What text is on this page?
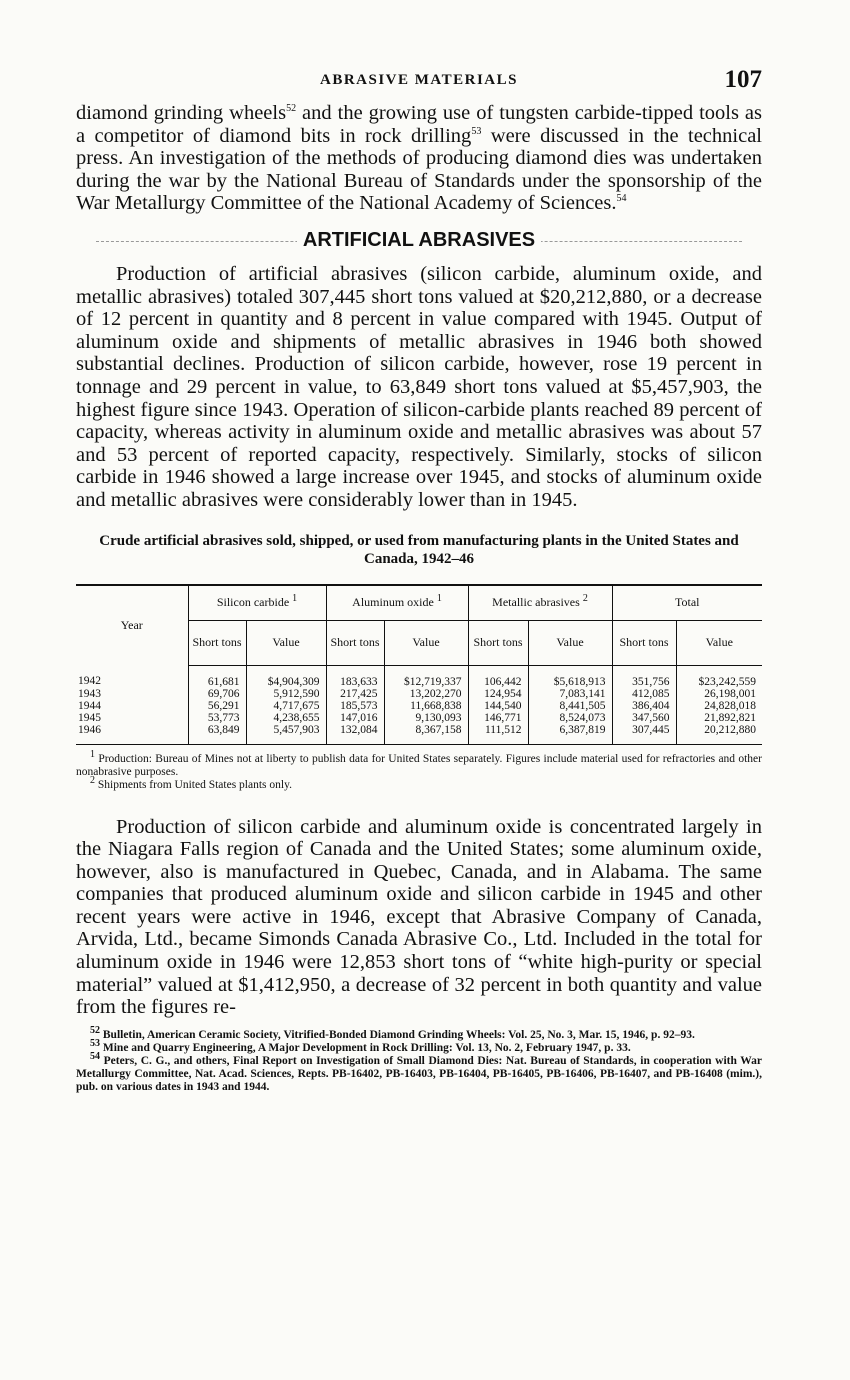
ABRASIVE MATERIALS	107

diamond grinding wheels$^{52}$ and the growing use of tungsten carbide-tipped tools as a competitor of diamond bits in rock drilling$^{53}$ were discussed in the technical press. An investigation of the methods of producing diamond dies was undertaken during the war by the National Bureau of Standards under the sponsorship of the War Metallurgy Committee of the National Academy of Sciences.$^{54}$

ARTIFICIAL ABRASIVES

Production of artificial abrasives (silicon carbide, aluminum oxide, and metallic abrasives) totaled 307,445 short tons valued at $20,212,880, or a decrease of 12 percent in quantity and 8 percent in value compared with 1945. Output of aluminum oxide and shipments of metallic abrasives in 1946 both showed substantial declines. Production of silicon carbide, however, rose 19 percent in tonnage and 29 percent in value, to 63,849 short tons valued at $5,457,903, the highest figure since 1943. Operation of silicon-carbide plants reached 89 percent of capacity, whereas activity in aluminum oxide and metallic abrasives was about 57 and 53 percent of reported capacity, respectively. Similarly, stocks of silicon carbide in 1946 showed a large increase over 1945, and stocks of aluminum oxide and metallic abrasives were considerably lower than in 1945.

Crude artificial abrasives sold, shipped, or used from manufacturing plants in the United States and Canada, 1942–46
Year	Silicon carbide $^1$		Aluminum oxide $^1$		Metallic abrasives $^2$		Total	
	Short tons	Value	Short tons	Value	Short tons	Value	Short tons	Value
1942	61,681	$4,904,309	183,633	$12,719,337	106,442	$5,618,913	351,756	$23,242,559
1943	69,706	5,912,590	217,425	13,202,270	124,954	7,083,141	412,085	26,198,001
1944	56,291	4,717,675	185,573	11,668,838	144,540	8,441,505	386,404	24,828,018
1945	53,773	4,238,655	147,016	9,130,093	146,771	8,524,073	347,560	21,892,821
1946	63,849	5,457,903	132,084	8,367,158	111,512	6,387,819	307,445	20,212,880

$^1$ Production: Bureau of Mines not at liberty to publish data for United States separately. Figures include material used for refractories and other nonabrasive purposes.

$^2$ Shipments from United States plants only.

Production of silicon carbide and aluminum oxide is concentrated largely in the Niagara Falls region of Canada and the United States; some aluminum oxide, however, also is manufactured in Quebec, Canada, and in Alabama. The same companies that produced aluminum oxide and silicon carbide in 1945 and other recent years were active in 1946, except that Abrasive Company of Canada, Arvida, Ltd., became Simonds Canada Abrasive Co., Ltd. Included in the total for aluminum oxide in 1946 were 12,853 short tons of “white high-purity or special material” valued at $1,412,950, a decrease of 32 percent in both quantity and value from the figures re-

$^{52}$ Bulletin, American Ceramic Society, Vitrified-Bonded Diamond Grinding Wheels: Vol. 25, No. 3, Mar. 15, 1946, p. 92–93.

$^{53}$ Mine and Quarry Engineering, A Major Development in Rock Drilling: Vol. 13, No. 2, February 1947, p. 33.

$^{54}$ Peters, C. G., and others, Final Report on Investigation of Small Diamond Dies: Nat. Bureau of Standards, in cooperation with War Metallurgy Committee, Nat. Acad. Sciences, Repts. PB-16402, PB-16403, PB-16404, PB-16405, PB-16406, PB-16407, and PB-16408 (mim.), pub. on various dates in 1943 and 1944.
